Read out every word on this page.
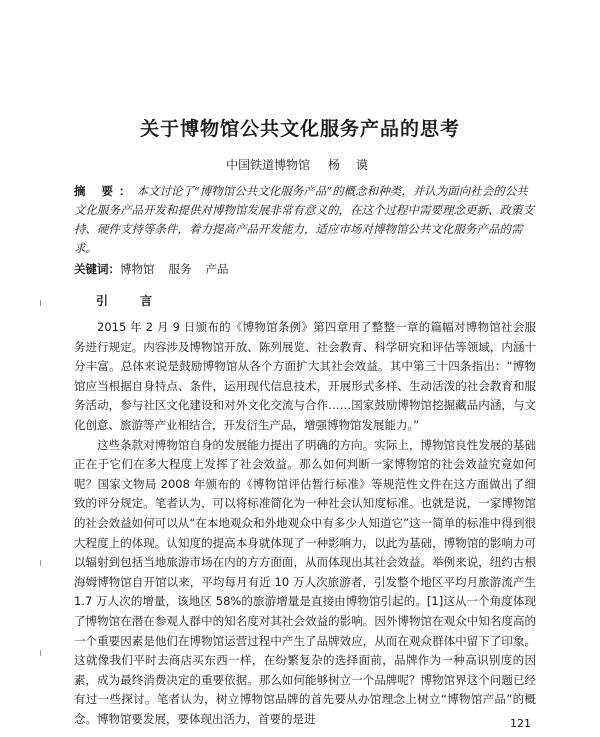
关于博物馆公共文化服务产品的思考
中国铁道博物馆 杨 谟
摘 要：本文讨论了“博物馆公共文化服务产品”的概念和种类，并认为面向社会的公共文化服务产品开发和提供对博物馆发展非常有意义的，在这个过程中需要理念更新、政策支持、硬件支持等条件，着力提高产品开发能力，适应市场对博物馆公共文化服务产品的需求。
关键词：博物馆 服务 产品
引 言

2015 年 2 月 9 日颁布的《博物馆条例》第四章用了整整一章的篇幅对博物馆社会服务进行规定。内容涉及博物馆开放、陈列展览、社会教育、科学研究和评估等领域，内涵十分丰富。总体来说是鼓励博物馆从各个方面扩大其社会效益。其中第三十四条指出：“博物馆应当根据自身特点、条件，运用现代信息技术，开展形式多样、生动活泼的社会教育和服务活动，参与社区文化建设和对外文化交流与合作……国家鼓励博物馆挖掘藏品内涵，与文化创意、旅游等产业相结合，开发衍生产品，增强博物馆发展能力。”

这些条款对博物馆自身的发展能力提出了明确的方向。实际上，博物馆良性发展的基础正在于它们在多大程度上发挥了社会效益。那么如何判断一家博物馆的社会效益究竟如何呢？国家文物局 2008 年颁布的《博物馆评估暂行标准》等规范性文件在这方面做出了细致的评分规定。笔者认为，可以将标准简化为一种社会认知度标准。也就是说，一家博物馆的社会效益如何可以从“在本地观众和外地观众中有多少人知道它”这一简单的标准中得到很大程度上的体现。认知度的提高本身就体现了一种影响力，以此为基础，博物馆的影响力可以辐射到包括当地旅游市场在内的方方面面，从而体现出其社会效益。举例来说，纽约古根海姆博物馆自开馆以来，平均每月有近 10 万人次旅游者，引发整个地区平均月旅游流产生 1.7 万人次的增量，该地区 58%的旅游增量是直接由博物馆引起的。[1]这从一个角度体现了博物馆在潜在参观人群中的知名度对其社会效益的影响。因外博物馆在观众中知名度高的一个重要因素是他们在博物馆运营过程中产生了品牌效应，从而在观众群体中留下了印象。这就像我们平时去商店买东西一样，在纷繁复杂的选择面前，品牌作为一种高识别度的因素，成为最终消费决定的重要依据。那么如何能够树立一个品牌呢？博物馆界这个问题已经有过一些探讨。笔者认为，树立博物馆品牌的首先要从办馆理念上树立“博物馆产品”的概念。博物馆要发展，要体现出活力，首要的是进	121
